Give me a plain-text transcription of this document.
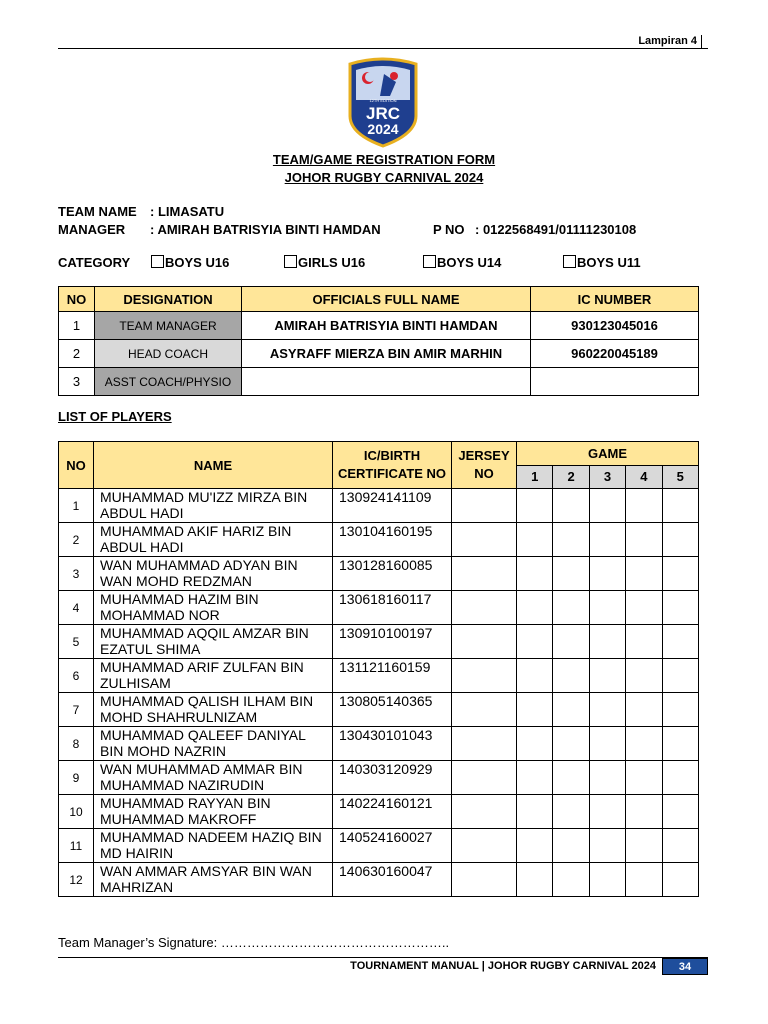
Lampiran 4
12TH EDITION
JRC
2024
TEAM/GAME REGISTRATION FORM
JOHOR RUGBY CARNIVAL 2024
TEAM NAME : LIMASATU
MANAGER : AMIRAH BATRISYIA BINTI HAMDAN	P NO : 0122568491/01111230108
CATEGORY	BOYS U16	GIRLS U16	BOYS U14	BOYS U11
NO	DESIGNATION	OFFICIALS FULL NAME	IC NUMBER
1	TEAM MANAGER	AMIRAH BATRISYIA BINTI HAMDAN	930123045016
2	HEAD COACH	ASYRAFF MIERZA BIN AMIR MARHIN	960220045189
3	ASST COACH/PHYSIO		
LIST OF PLAYERS
NO	NAME	IC/BIRTH CERTIFICATE NO	JERSEY NO	GAME				
				1	2	3	4	5
1	MUHAMMAD MU'IZZ MIRZA BIN ABDUL HADI	130924141109						
2	MUHAMMAD AKIF HARIZ BIN ABDUL HADI	130104160195						
3	WAN MUHAMMAD ADYAN BIN WAN MOHD REDZMAN	130128160085						
4	MUHAMMAD HAZIM BIN MOHAMMAD NOR	130618160117						
5	MUHAMMAD AQQIL AMZAR BIN EZATUL SHIMA	130910100197						
6	MUHAMMAD ARIF ZULFAN BIN ZULHISAM	131121160159						
7	MUHAMMAD QALISH ILHAM BIN MOHD SHAHRULNIZAM	130805140365						
8	MUHAMMAD QALEEF DANIYAL BIN MOHD NAZRIN	130430101043						
9	WAN MUHAMMAD AMMAR BIN MUHAMMAD NAZIRUDIN	140303120929						
10	MUHAMMAD RAYYAN BIN MUHAMMAD MAKROFF	140224160121						
11	MUHAMMAD NADEEM HAZIQ BIN MD HAIRIN	140524160027						
12	WAN AMMAR AMSYAR BIN WAN MAHRIZAN	140630160047						
Team Manager’s Signature: ……………………………………………..
TOURNAMENT MANUAL | JOHOR RUGBY CARNIVAL 2024	34
